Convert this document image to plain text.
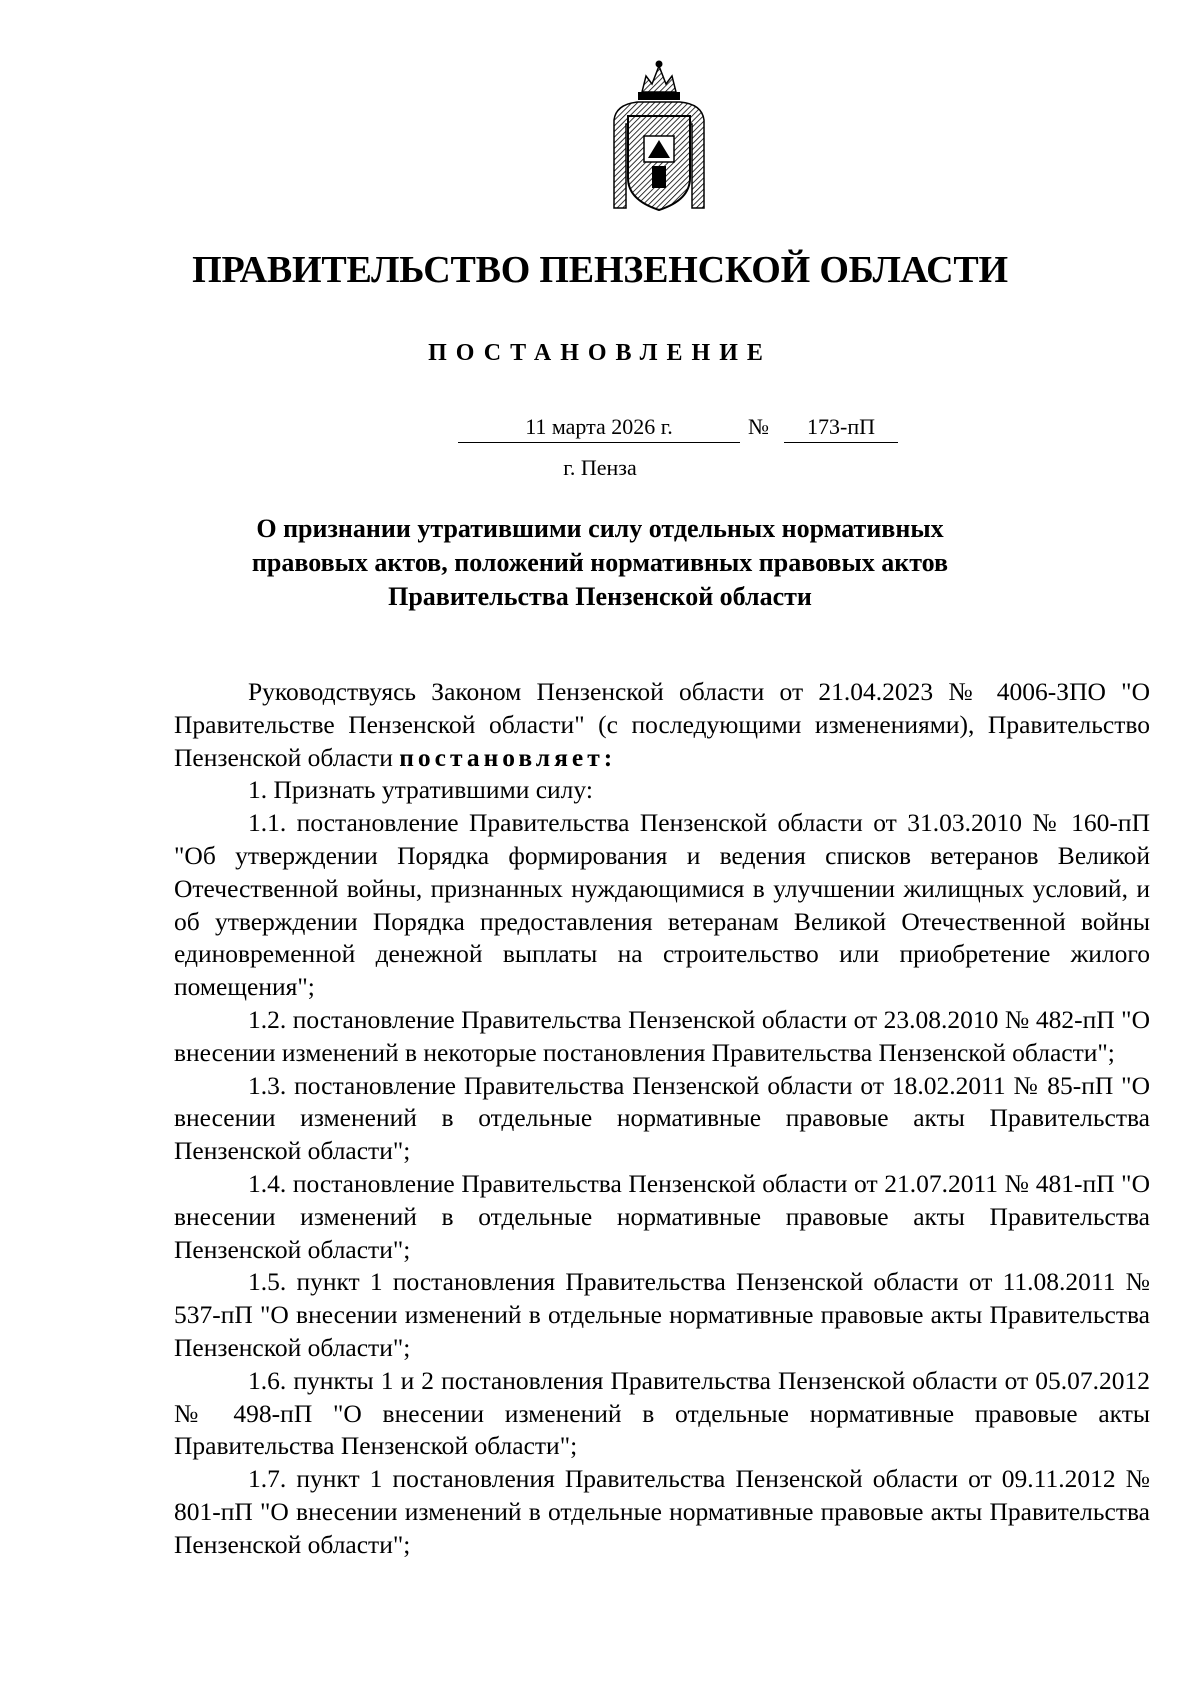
ПРАВИТЕЛЬСТВО ПЕНЗЕНСКОЙ ОБЛАСТИ
ПОСТАНОВЛЕНИЕ
11 марта 2026 г.	№	173-пП
г. Пенза
О признании утратившими силу отдельных нормативных правовых актов, положений нормативных правовых актов Правительства Пензенской области

Руководствуясь Законом Пензенской области от 21.04.2023 № 4006-ЗПО "О Правительстве Пензенской области" (с последующими изменениями), Правительство Пензенской области постановляет:

1. Признать утратившими силу:

1.1. постановление Правительства Пензенской области от 31.03.2010 № 160-пП "Об утверждении Порядка формирования и ведения списков ветеранов Великой Отечественной войны, признанных нуждающимися в улучшении жилищных условий, и об утверждении Порядка предоставления ветеранам Великой Отечественной войны единовременной денежной выплаты на строительство или приобретение жилого помещения";

1.2. постановление Правительства Пензенской области от 23.08.2010 № 482-пП "О внесении изменений в некоторые постановления Правительства Пензенской области";

1.3. постановление Правительства Пензенской области от 18.02.2011 № 85-пП "О внесении изменений в отдельные нормативные правовые акты Правительства Пензенской области";

1.4. постановление Правительства Пензенской области от 21.07.2011 № 481-пП "О внесении изменений в отдельные нормативные правовые акты Правительства Пензенской области";

1.5. пункт 1 постановления Правительства Пензенской области от 11.08.2011 № 537-пП "О внесении изменений в отдельные нормативные правовые акты Правительства Пензенской области";

1.6. пункты 1 и 2 постановления Правительства Пензенской области от 05.07.2012 № 498-пП "О внесении изменений в отдельные нормативные правовые акты Правительства Пензенской области";

1.7. пункт 1 постановления Правительства Пензенской области от 09.11.2012 № 801-пП "О внесении изменений в отдельные нормативные правовые акты Правительства Пензенской области";
